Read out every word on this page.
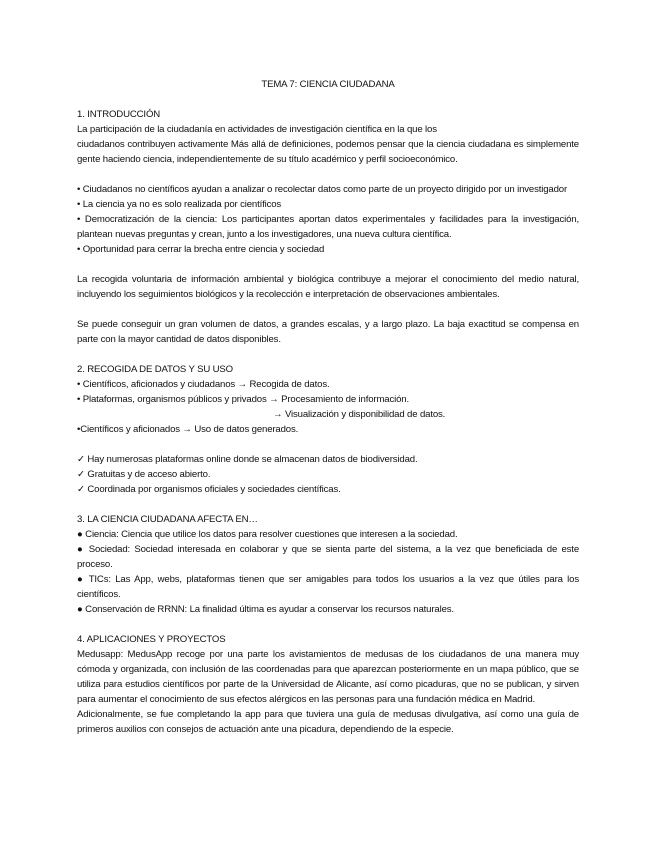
TEMA 7: CIENCIA CIUDADANA
1. INTRODUCCIÓN

La participación de la ciudadanía en actividades de investigación científica en la que los
ciudadanos contribuyen activamente Más allá de definiciones, podemos pensar que la ciencia ciudadana es simplemente gente haciendo ciencia, independientemente de su título académico y perfil socioeconómico.

• Ciudadanos no científicos ayudan a analizar o recolectar datos como parte de un proyecto dirigido por un investigador

• La ciencia ya no es solo realizada por científicos

• Democratización de la ciencia: Los participantes aportan datos experimentales y facilidades para la investigación, plantean nuevas preguntas y crean, junto a los investigadores, una nueva cultura científica.

• Oportunidad para cerrar la brecha entre ciencia y sociedad

La recogida voluntaria de información ambiental y biológica contribuye a mejorar el conocimiento del medio natural, incluyendo los seguimientos biológicos y la recolección e interpretación de observaciones ambientales.

Se puede conseguir un gran volumen de datos, a grandes escalas, y a largo plazo. La baja exactitud se compensa en parte con la mayor cantidad de datos disponibles.

2. RECOGIDA DE DATOS Y SU USO
• Científicos, aficionados y ciudadanos → Recogida de datos.
• Plataformas, organismos públicos y privados → Procesamiento de información.
→ Visualización y disponibilidad de datos.
•Científicos y aficionados → Uso de datos generados.
✓ Hay numerosas plataformas online donde se almacenan datos de biodiversidad.
✓ Gratuitas y de acceso abierto.
✓ Coordinada por organismos oficiales y sociedades científicas.
3. LA CIENCIA CIUDADANA AFECTA EN…

● Ciencia: Ciencia que utilice los datos para resolver cuestiones que interesen a la sociedad.

● Sociedad: Sociedad interesada en colaborar y que se sienta parte del sistema, a la vez que beneficiada de este proceso.

● TICs: Las App, webs, plataformas tienen que ser amigables para todos los usuarios a la vez que útiles para los científicos.

● Conservación de RRNN: La finalidad última es ayudar a conservar los recursos naturales.

4. APLICACIONES Y PROYECTOS

Medusapp: MedusApp recoge por una parte los avistamientos de medusas de los ciudadanos de una manera muy cómoda y organizada, con inclusión de las coordenadas para que aparezcan posteriormente en un mapa público, que se utiliza para estudios científicos por parte de la Universidad de Alicante, así como picaduras, que no se publican, y sirven para aumentar el conocimiento de sus efectos alérgicos en las personas para una fundación médica en Madrid.

Adicionalmente, se fue completando la app para que tuviera una guía de medusas divulgativa, así como una guía de primeros auxilios con consejos de actuación ante una picadura, dependiendo de la especie.
